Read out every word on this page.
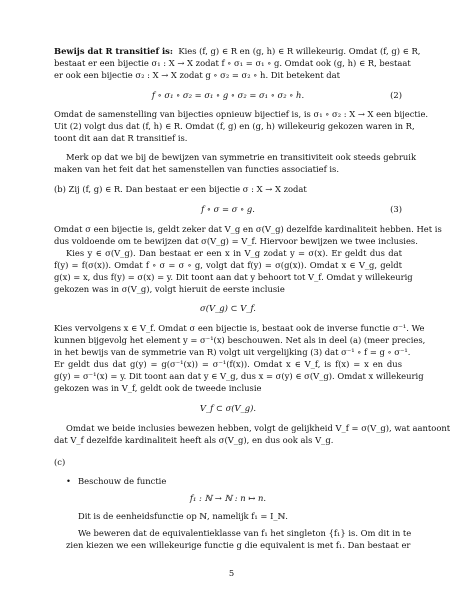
Bewijs dat R transitief is: Kies (f, g) ∈ R en (g, h) ∈ R willekeurig. Omdat (f, g) ∈ R,
bestaat er een bijectie σ₁ : X → X zodat f ∘ σ₁ = σ₁ ∘ g. Omdat ook (g, h) ∈ R, bestaat
er ook een bijectie σ₂ : X → X zodat g ∘ σ₂ = σ₂ ∘ h. Dit betekent dat
f ∘ σ₁ ∘ σ₂ = σ₁ ∘ g ∘ σ₂ = σ₁ ∘ σ₂ ∘ h.	(2)
Omdat de samenstelling van bijecties opnieuw bijectief is, is σ₁ ∘ σ₂ : X → X een bijectie.
Uit (2) volgt dus dat (f, h) ∈ R. Omdat (f, g) en (g, h) willekeurig gekozen waren in R,
toont dit aan dat R transitief is.
Merk op dat we bij de bewijzen van symmetrie en transitiviteit ook steeds gebruik
maken van het feit dat het samenstellen van functies associatief is.
(b) Zij (f, g) ∈ R. Dan bestaat er een bijectie σ : X → X zodat
f ∘ σ = σ ∘ g.	(3)
Omdat σ een bijectie is, geldt zeker dat V_g en σ(V_g) dezelfde kardinaliteit hebben. Het is
dus voldoende om te bewijzen dat σ(V_g) = V_f. Hiervoor bewijzen we twee inclusies.
Kies y ∈ σ(V_g). Dan bestaat er een x in V_g zodat y = σ(x). Er geldt dus dat
f(y) = f(σ(x)). Omdat f ∘ σ = σ ∘ g, volgt dat f(y) = σ(g(x)). Omdat x ∈ V_g, geldt
g(x) = x, dus f(y) = σ(x) = y. Dit toont aan dat y behoort tot V_f. Omdat y willekeurig
gekozen was in σ(V_g), volgt hieruit de eerste inclusie
σ(V_g) ⊂ V_f.
Kies vervolgens x ∈ V_f. Omdat σ een bijectie is, bestaat ook de inverse functie σ⁻¹. We
kunnen bijgevolg het element y = σ⁻¹(x) beschouwen. Net als in deel (a) (meer precies,
in het bewijs van de symmetrie van R) volgt uit vergelijking (3) dat σ⁻¹ ∘ f = g ∘ σ⁻¹.
Er geldt dus dat g(y) = g(σ⁻¹(x)) = σ⁻¹(f(x)). Omdat x ∈ V_f, is f(x) = x en dus
g(y) = σ⁻¹(x) = y. Dit toont aan dat y ∈ V_g, dus x = σ(y) ∈ σ(V_g). Omdat x willekeurig
gekozen was in V_f, geldt ook de tweede inclusie
V_f ⊂ σ(V_g).
Omdat we beide inclusies bewezen hebben, volgt de gelijkheid V_f = σ(V_g), wat aantoont
dat V_f dezelfde kardinaliteit heeft als σ(V_g), en dus ook als V_g.
(c)
• Beschouw de functie
f₁ : ℕ → ℕ : n ↦ n.
Dit is de eenheidsfunctie op ℕ, namelijk f₁ = I_ℕ.
We beweren dat de equivalentieklasse van f₁ het singleton {f₁} is. Om dit in te
zien kiezen we een willekeurige functie g die equivalent is met f₁. Dan bestaat er
5
